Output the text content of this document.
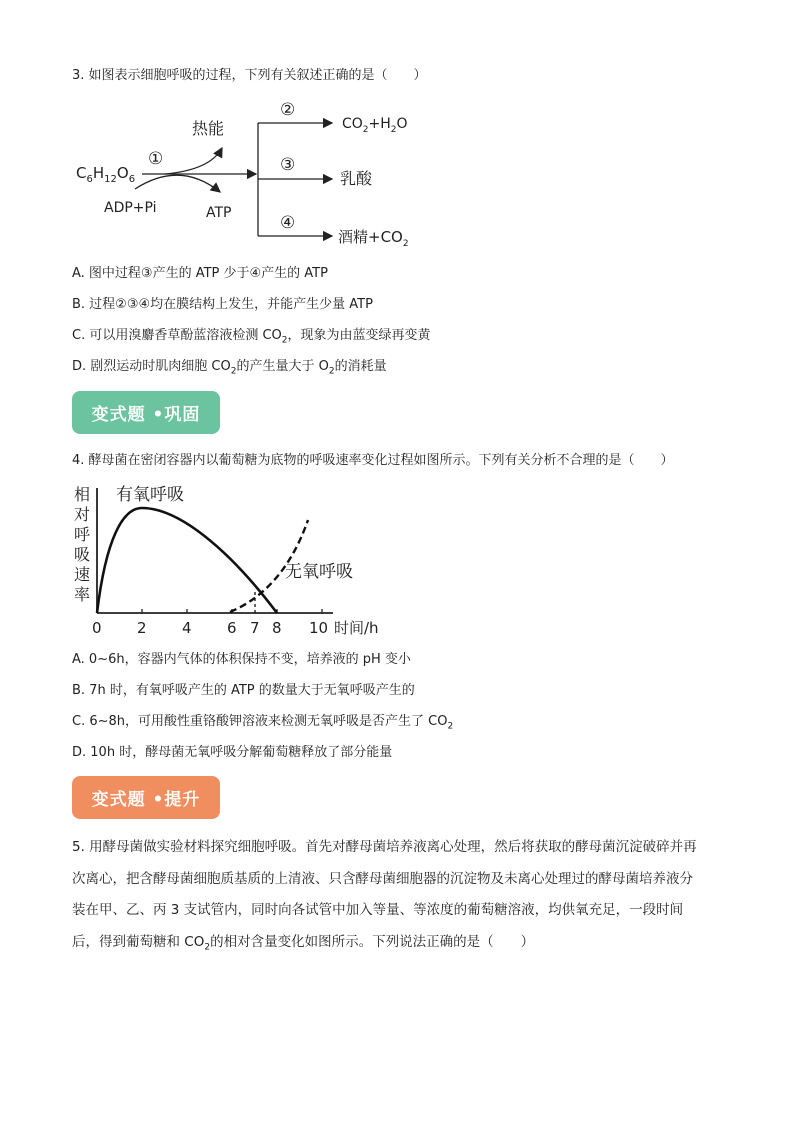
3. 如图表示细胞呼吸的过程，下列有关叙述正确的是（　　）
$C_6H_{12}O_6$
①
热能
ADP+Pi	ATP
②
③
④
$CO_2+H_2O$
乳酸
酒精$+CO_2$
A. 图中过程③产生的 ATP 少于④产生的 ATP
B. 过程②③④均在膜结构上发生，并能产生少量 ATP
C. 可以用溴麝香草酚蓝溶液检测 $CO_2$，现象为由蓝变绿再变黄
D. 剧烈运动时肌肉细胞 $CO_2$的产生量大于 $O_2$的消耗量
变式题 •巩固
4. 酵母菌在密闭容器内以葡萄糖为底物的呼吸速率变化过程如图所示。下列有关分析不合理的是（　　）
相
对
呼
吸
速
率
0 2 4 6 7 8 10 时间/h
有氧呼吸
无氧呼吸
A. 0~6h，容器内气体的体积保持不变，培养液的 pH 变小
B. 7h 时，有氧呼吸产生的 ATP 的数量大于无氧呼吸产生的
C. 6~8h，可用酸性重铬酸钾溶液来检测无氧呼吸是否产生了 $CO_2$
D. 10h 时，酵母菌无氧呼吸分解葡萄糖释放了部分能量
变式题 •提升
5. 用酵母菌做实验材料探究细胞呼吸。首先对酵母菌培养液离心处理，然后将获取的酵母菌沉淀破碎并再
次离心，把含酵母菌细胞质基质的上清液、只含酵母菌细胞器的沉淀物及未离心处理过的酵母菌培养液分
装在甲、乙、丙 3 支试管内，同时向各试管中加入等量、等浓度的葡萄糖溶液，均供氧充足，一段时间
后，得到葡萄糖和 $CO_2$的相对含量变化如图所示。下列说法正确的是（　　）
